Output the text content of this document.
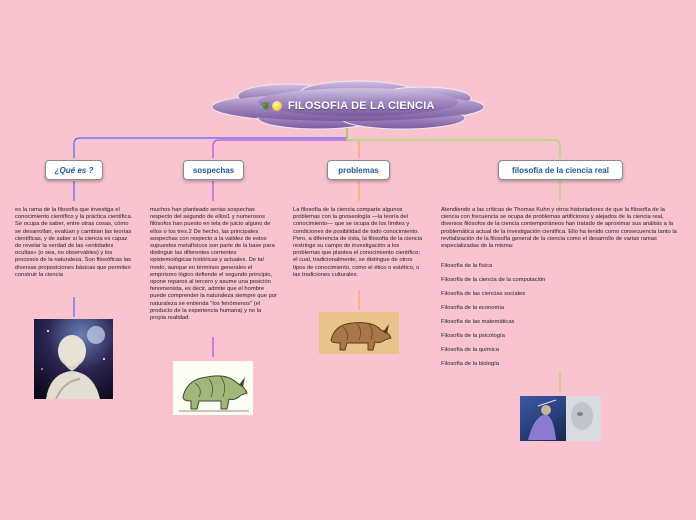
❦ FILOSOFIA DE LA CIENCIA
¿Qué es ?	sospechas	problemas	filosofía de la ciencia real

es la rama de la filosofía que investiga el conocimiento científico y la práctica científica. Se ocupa de saber, entre otras cosas, cómo se desarrollan, evalúan y cambian las teorías científicas, y de saber si la ciencia es capaz de revelar la verdad de las «entidades ocultas» (o sea, no observables) y los procesos de la naturaleza. Son filosóficas las diversas proposiciones básicas que permiten construir la ciencia

muchos han planteado serias sospechas respecto del segundo de ellos1 y numerosos filósofos han puesto en tela de juicio alguno de ellos o los tres.2 De hecho, las principales sospechas con respecto a la validez de estos supuestos metafísicos son parte de la base para distinguir las diferentes corrientes epistemológicas históricas y actuales. De tal modo, aunque en términos generales el empirismo lógico defiende el segundo principio, opone reparos al tercero y asume una posición fenomenista, es decir, admite que el hombre puede comprender la naturaleza siempre que por naturaleza se entienda "los fenómenos" (el producto de la experiencia humana) y no la propia realidad.

La filosofía de la ciencia comparte algunos problemas con la gnoseología —la teoría del conocimiento— que se ocupa de los límites y condiciones de posibilidad de todo conocimiento. Pero, a diferencia de ésta, la filosofía de la ciencia restringe su campo de investigación a los problemas que plantea el conocimiento científico; el cual, tradicionalmente, se distingue de otros tipos de conocimiento, como el ético o estético, o las tradiciones culturales.

Atendiendo a las críticas de Thomas Kuhn y otros historiadores de que la filosofía de la ciencia con frecuencia se ocupa de problemas artificiosos y alejados de la ciencia real, diversos filósofos de la ciencia contemporáneos han tratado de aproximar sus análisis a la problemática actual de la investigación científica. Ello ha tenido como consecuencia tanto la revitalización de la filosofía general de la ciencia como el desarrollo de varias ramas especializadas de la misma:

Filosofía de la física
Filosofía de la ciencia de la computación
Filosofía de las ciencias sociales
Filosofía de la economía
Filosofía de las matemáticas
Filosofía de la psicología
Filosofía de la química
Filosofía de la biología
